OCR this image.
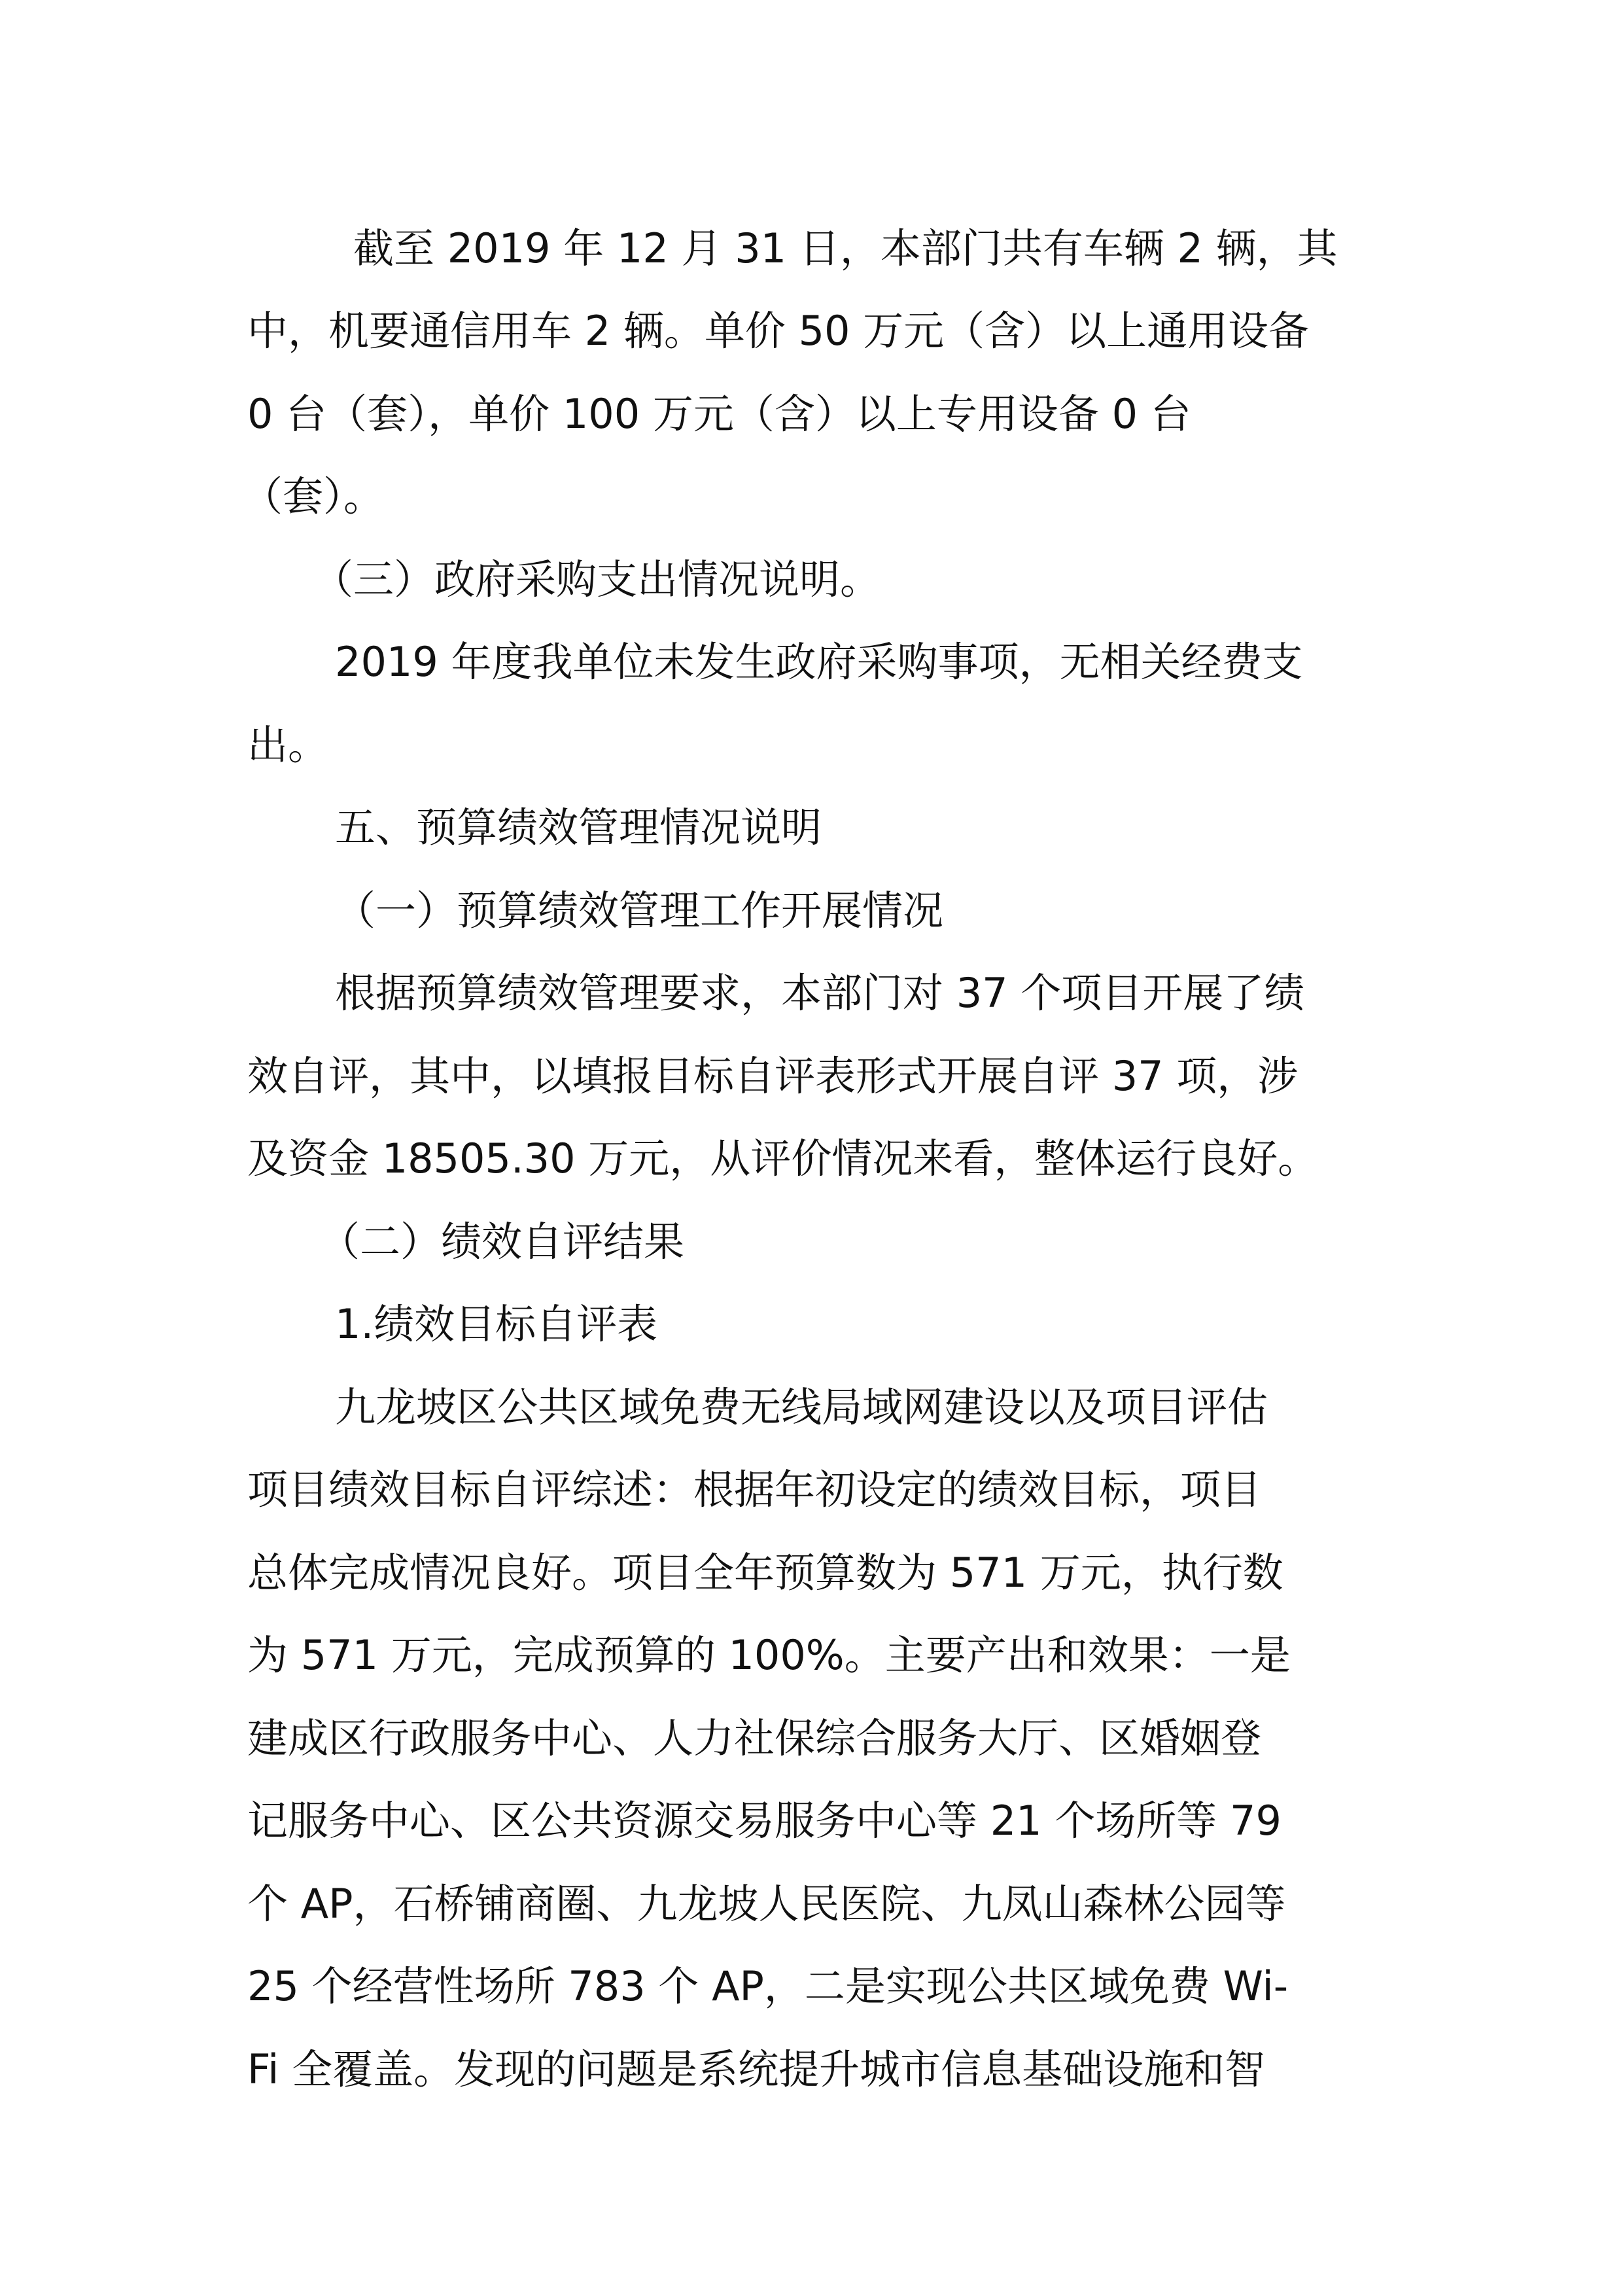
截至 2019 年 12 月 31 日，本部门共有车辆 2 辆，其
中，机要通信用车 2 辆。单价 50 万元（含）以上通用设备
0 台（套），单价 100 万元（含）以上专用设备 0 台
（套）。
（三）政府采购支出情况说明。
2019 年度我单位未发生政府采购事项，无相关经费支
出。
五、预算绩效管理情况说明
（一）预算绩效管理工作开展情况
根据预算绩效管理要求，本部门对 37 个项目开展了绩
效自评，其中，以填报目标自评表形式开展自评 37 项，涉
及资金 18505.30 万元，从评价情况来看，整体运行良好。
（二）绩效自评结果
1.绩效目标自评表
九龙坡区公共区域免费无线局域网建设以及项目评估
项目绩效目标自评综述：根据年初设定的绩效目标，项目
总体完成情况良好。项目全年预算数为 571 万元，执行数
为 571 万元，完成预算的 100%。主要产出和效果：一是
建成区行政服务中心、人力社保综合服务大厅、区婚姻登
记服务中心、区公共资源交易服务中心等 21 个场所等 79
个 AP，石桥铺商圈、九龙坡人民医院、九凤山森林公园等
25 个经营性场所 783 个 AP，二是实现公共区域免费 Wi-
Fi 全覆盖。发现的问题是系统提升城市信息基础设施和智
